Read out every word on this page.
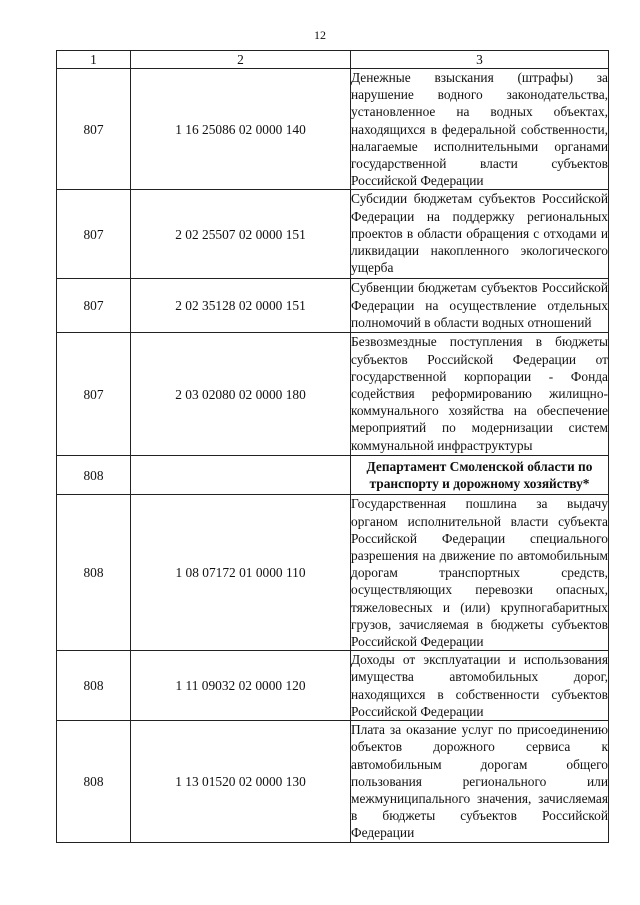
12
1	2	3
807	1 16 25086 02 0000 140	Денежные взыскания (штрафы) за нарушение водного законодательства, установленное на водных объектах, находящихся в федеральной собственности, налагаемые исполнительными органами государственной власти субъектов Российской Федерации
807	2 02 25507 02 0000 151	Субсидии бюджетам субъектов Российской Федерации на поддержку региональных проектов в области обращения с отходами и ликвидации накопленного экологического ущерба
807	2 02 35128 02 0000 151	Субвенции бюджетам субъектов Российской Федерации на осуществление отдельных полномочий в области водных отношений
807	2 03 02080 02 0000 180	Безвозмездные поступления в бюджеты субъектов Российской Федерации от государственной корпорации - Фонда содействия реформированию жилищно-коммунального хозяйства на обеспечение мероприятий по модернизации систем коммунальной инфраструктуры
808		Департамент Смоленской области по транспорту и дорожному хозяйству*
808	1 08 07172 01 0000 110	Государственная пошлина за выдачу органом исполнительной власти субъекта Российской Федерации специального разрешения на движение по автомобильным дорогам транспортных средств, осуществляющих перевозки опасных, тяжеловесных и (или) крупногабаритных грузов, зачисляемая в бюджеты субъектов Российской Федерации
808	1 11 09032 02 0000 120	Доходы от эксплуатации и использования имущества автомобильных дорог, находящихся в собственности субъектов Российской Федерации
808	1 13 01520 02 0000 130	Плата за оказание услуг по присоединению объектов дорожного сервиса к автомобильным дорогам общего пользования регионального или межмуниципального значения, зачисляемая в бюджеты субъектов Российской Федерации
